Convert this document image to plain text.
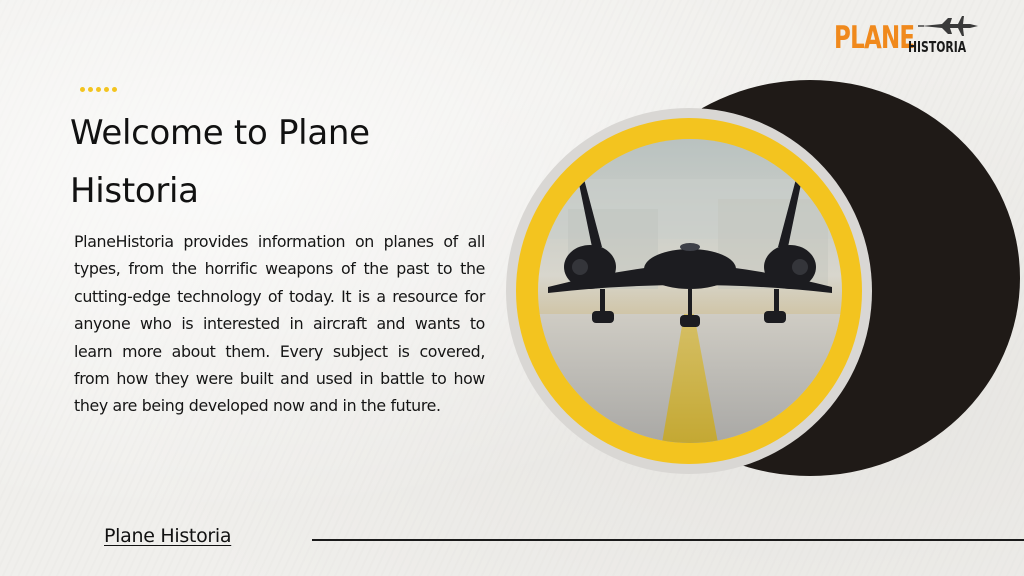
PLANE
HISTORIA
Welcome to Plane Historia

PlaneHistoria provides information on planes of all types, from the horrific weapons of the past to the cutting-edge technology of today. It is a resource for anyone who is interested in aircraft and wants to learn more about them. Every subject is covered, from how they were built and used in battle to how they are being developed now and in the future.

Plane Historia
